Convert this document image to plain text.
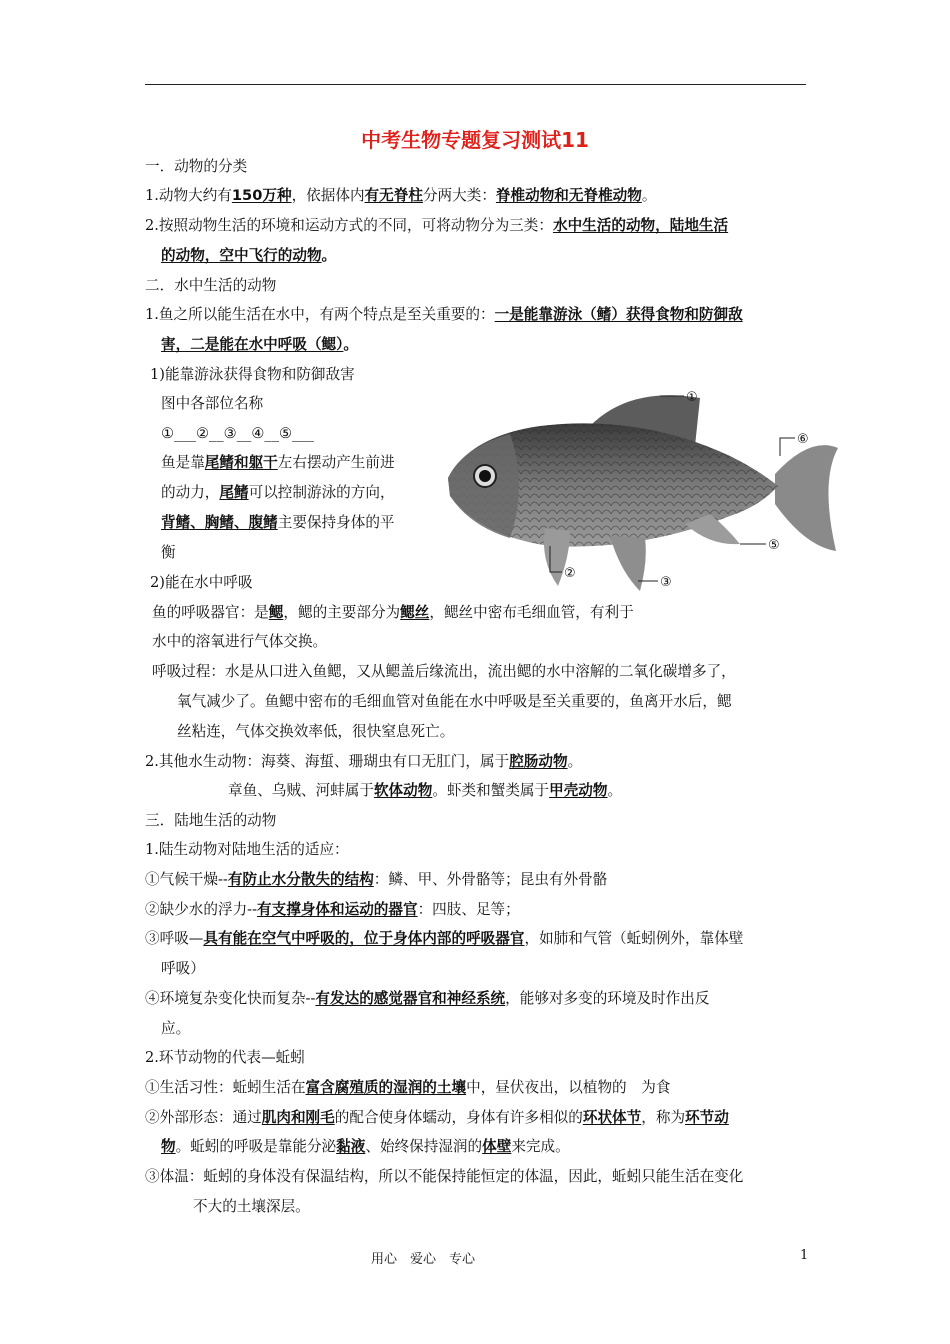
中考生物专题复习测试11
一．动物的分类
1.动物大约有150万种，依据体内有无脊柱分两大类：脊椎动物和无脊椎动物。
2.按照动物生活的环境和运动方式的不同，可将动物分为三类：水中生活的动物，陆地生活
的动物，空中飞行的动物。
二．水中生活的动物
1.鱼之所以能生活在水中，有两个特点是至关重要的：一是能靠游泳（鳍）获得食物和防御敌
害，二是能在水中呼吸（鳃）。
1)能靠游泳获得食物和防御敌害
图中各部位名称
①___②__③__④__⑤___
鱼是靠尾鳍和躯干左右摆动产生前进
的动力，尾鳍可以控制游泳的方向，
背鳍、胸鳍、腹鳍主要保持身体的平
衡
2)能在水中呼吸
鱼的呼吸器官：是鳃，鳃的主要部分为鳃丝，鳃丝中密布毛细血管，有利于
水中的溶氧进行气体交换。
呼吸过程：水是从口进入鱼鳃，又从鳃盖后缘流出，流出鳃的水中溶解的二氧化碳增多了，
氧气减少了。鱼鳃中密布的毛细血管对鱼能在水中呼吸是至关重要的，鱼离开水后，鳃
丝粘连，气体交换效率低，很快窒息死亡。
2.其他水生动物：海葵、海蜇、珊瑚虫有口无肛门，属于腔肠动物。
章鱼、乌贼、河蚌属于软体动物。虾类和蟹类属于甲壳动物。
①
②
③
⑤
⑥
三．陆地生活的动物
1.陆生动物对陆地生活的适应：
①气候干燥--有防止水分散失的结构：鳞、甲、外骨骼等；昆虫有外骨骼
②缺少水的浮力--有支撑身体和运动的器官：四肢、足等；
③呼吸—具有能在空气中呼吸的，位于身体内部的呼吸器官，如肺和气管（蚯蚓例外，靠体壁
呼吸）
④环境复杂变化快而复杂--有发达的感觉器官和神经系统，能够对多变的环境及时作出反
应。
2.环节动物的代表—蚯蚓
①生活习性：蚯蚓生活在富含腐殖质的湿润的土壤中，昼伏夜出，以植物的　为食
②外部形态：通过肌肉和刚毛的配合使身体蠕动，身体有许多相似的环状体节，称为环节动
物。蚯蚓的呼吸是靠能分泌黏液、始终保持湿润的体壁来完成。
③体温：蚯蚓的身体没有保温结构，所以不能保持能恒定的体温，因此，蚯蚓只能生活在变化
不大的土壤深层。
用心　爱心　专心	1
